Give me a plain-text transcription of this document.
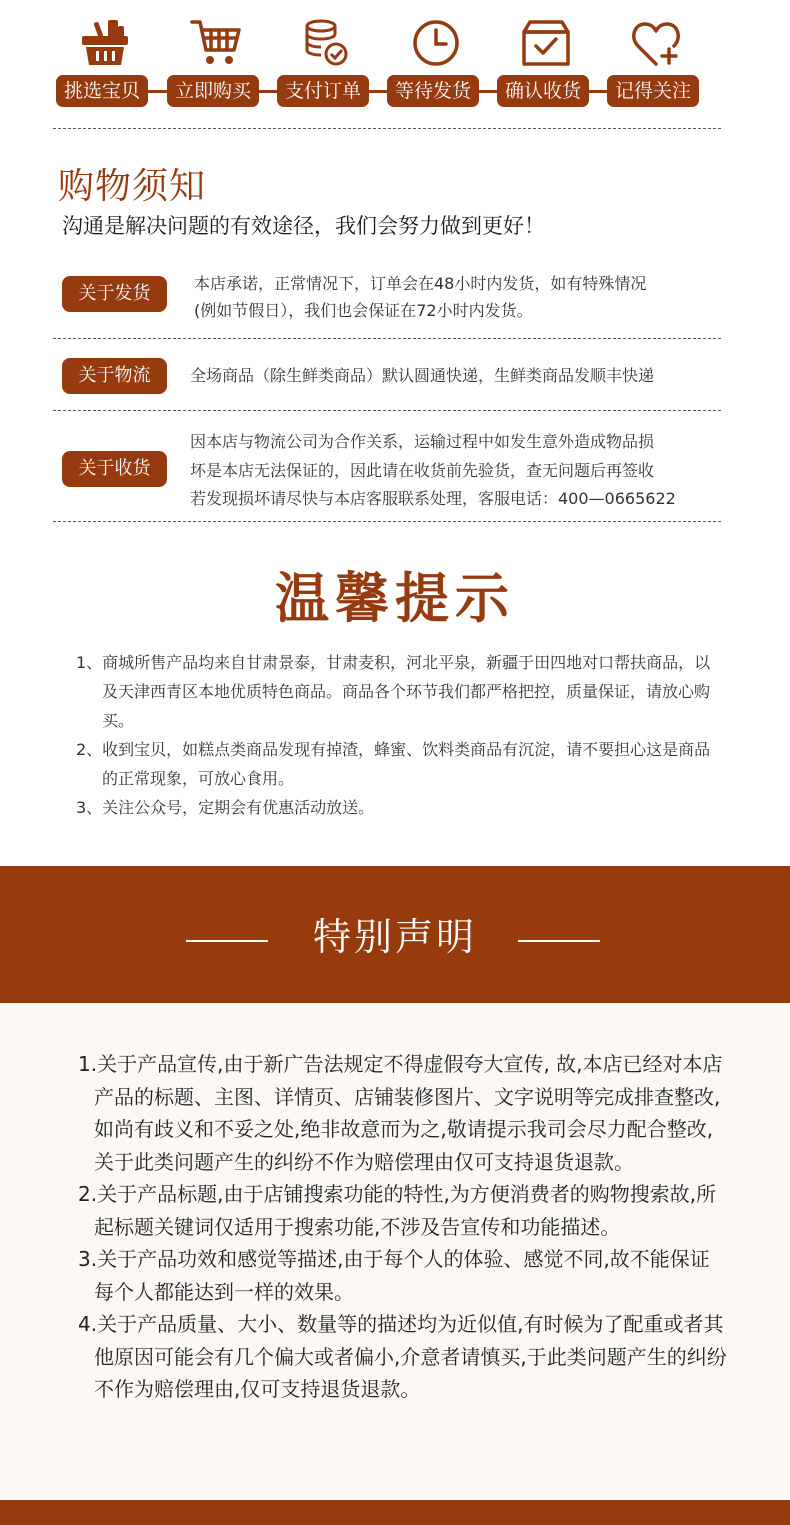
挑选宝贝	立即购买	支付订单	等待发货	确认收货	记得关注
购物须知
沟通是解决问题的有效途径，我们会努力做到更好！
关于发货	本店承诺，正常情况下，订单会在48小时内发货，如有特殊情况
(例如节假日），我们也会保证在72小时内发货。
关于物流	全场商品（除生鲜类商品）默认圆通快递，生鲜类商品发顺丰快递
关于收货
因本店与物流公司为合作关系，运输过程中如发生意外造成物品损
坏是本店无法保证的，因此请在收货前先验货，查无问题后再签收
若发现损坏请尽快与本店客服联系处理，客服电话：400—0665622
温馨提示
1、商城所售产品均来自甘肃景泰，甘肃麦积，河北平泉，新疆于田四地对口帮扶商品，以及天津西青区本地优质特色商品。商品各个环节我们都严格把控，质量保证，请放心购买。
2、收到宝贝，如糕点类商品发现有掉渣，蜂蜜、饮料类商品有沉淀，请不要担心这是商品的正常现象，可放心食用。
3、关注公众号，定期会有优惠活动放送。
特别声明
1.关于产品宣传,由于新广告法规定不得虚假夸大宣传, 故,本店已经对本店产品的标题、主图、详情页、店铺装修图片、文字说明等完成排查整改,如尚有歧义和不妥之处,绝非故意而为之,敬请提示我司会尽力配合整改,关于此类问题产生的纠纷不作为赔偿理由仅可支持退货退款。
2.关于产品标题,由于店铺搜索功能的特性,为方便消费者的购物搜索故,所起标题关键词仅适用于搜索功能,不涉及告宣传和功能描述。
3.关于产品功效和感觉等描述,由于每个人的体验、感觉不同,故不能保证每个人都能达到一样的效果。
4.关于产品质量、大小、数量等的描述均为近似值,有时候为了配重或者其他原因可能会有几个偏大或者偏小,介意者请慎买,于此类问题产生的纠纷不作为赔偿理由,仅可支持退货退款。
